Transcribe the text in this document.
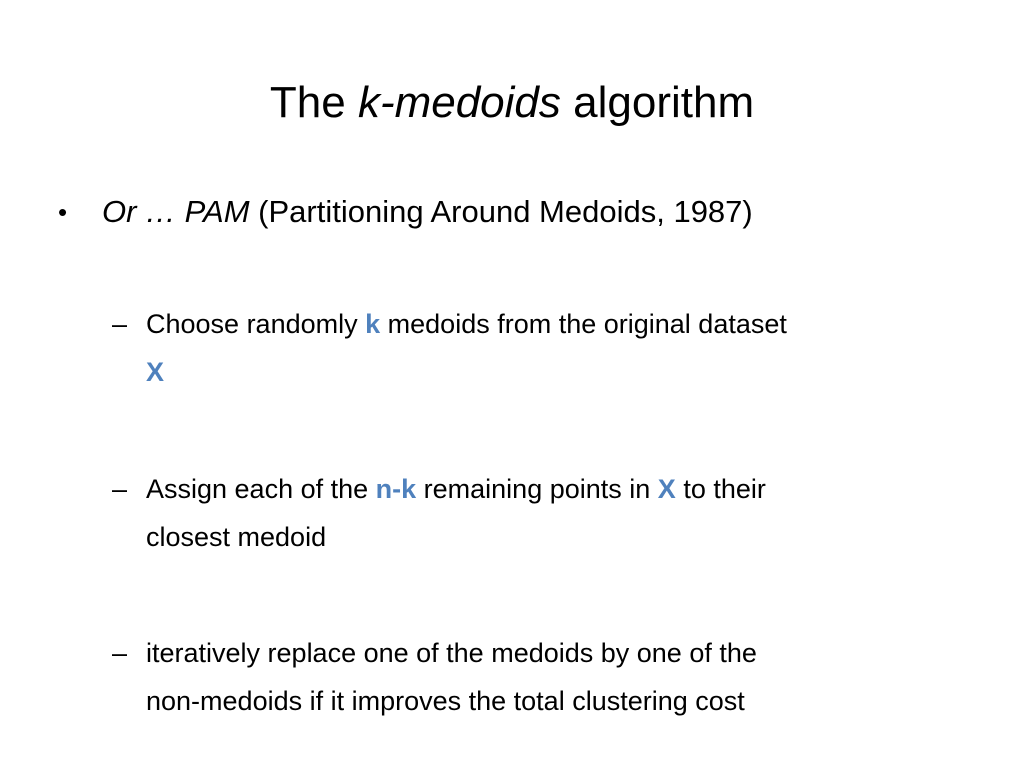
The k-medoids algorithm
• Or … PAM (Partitioning Around Medoids, 1987)
– Choose randomly k medoids from the original dataset
X
– Assign each of the n-k remaining points in X to their
closest medoid
– iteratively replace one of the medoids by one of the
non-medoids if it improves the total clustering cost
